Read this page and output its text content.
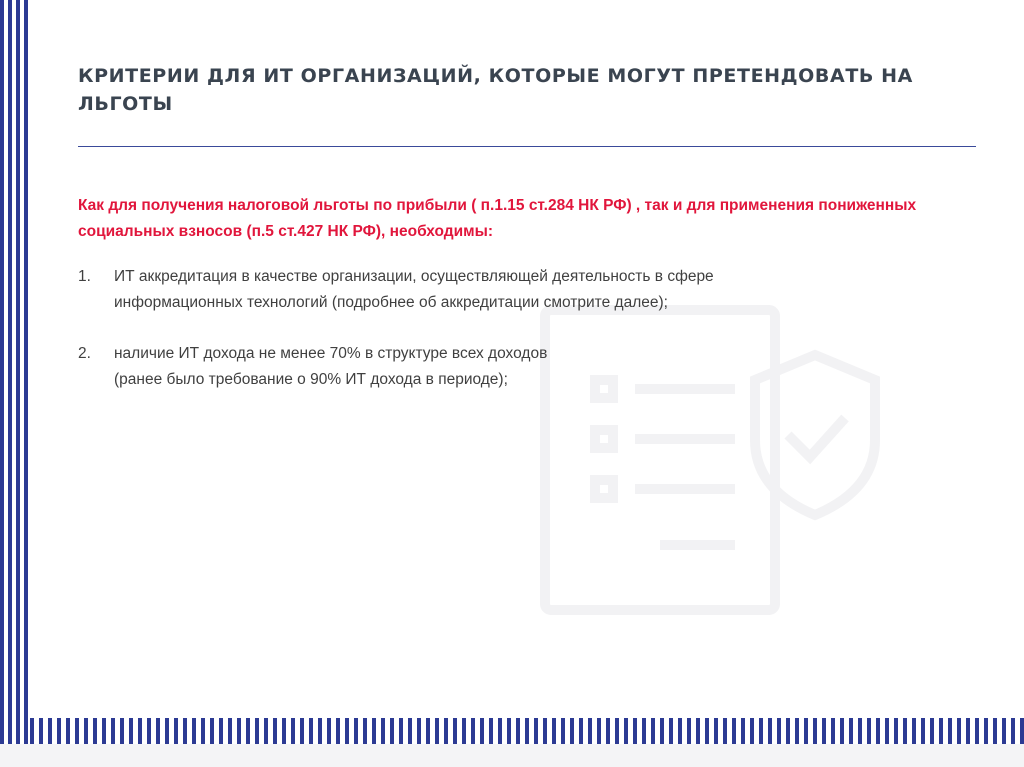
КРИТЕРИИ ДЛЯ ИТ ОРГАНИЗАЦИЙ, КОТОРЫЕ МОГУТ ПРЕТЕНДОВАТЬ НА ЛЬГОТЫ

Как для получения налоговой льготы по прибыли ( п.1.15 ст.284 НК РФ) , так и для применения пониженных социальных взносов (п.5 ст.427 НК РФ), необходимы:

1. ИТ аккредитация в качестве организации, осуществляющей деятельность в сфере
информационных технологий (подробнее об аккредитации смотрите далее);
2. наличие ИТ дохода не менее 70% в структуре всех доходов
(ранее было требование о 90% ИТ дохода в периоде);
